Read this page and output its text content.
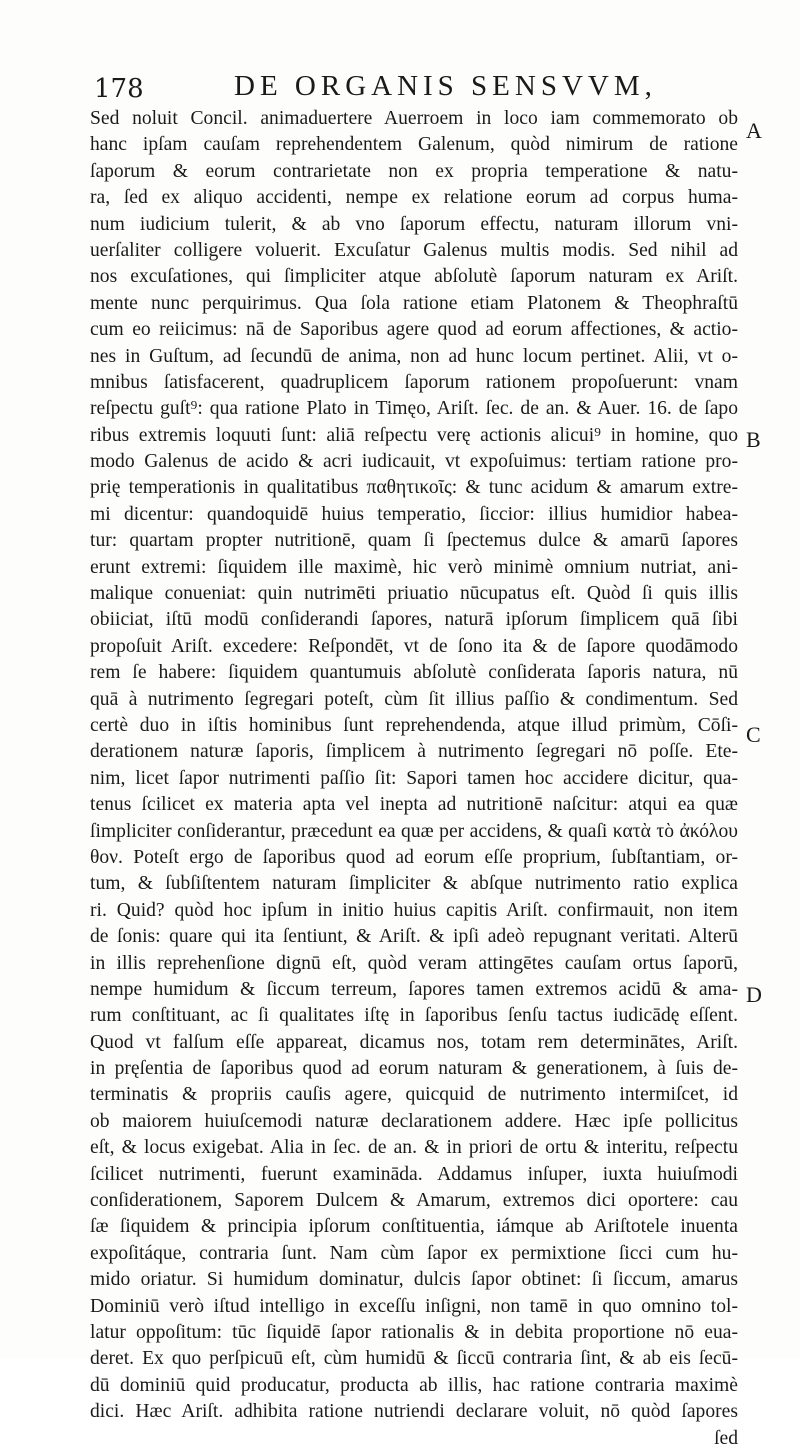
178	DE ORGANIS SENSVVM,
Sed noluit Concil. animaduertere Auerroem in loco iam commemorato ob
hanc ipſam cauſam reprehendentem Galenum, quòd nimirum de ratione
ſaporum & eorum contrarietate non ex propria temperatione & natu-
ra, ſed ex aliquo accidenti, nempe ex relatione eorum ad corpus huma-
num iudicium tulerit, & ab vno ſaporum effectu, naturam illorum vni-
uerſaliter colligere voluerit. Excuſatur Galenus multis modis. Sed nihil ad
nos excuſationes, qui ſimpliciter atque abſolutè ſaporum naturam ex Ariſt.
mente nunc perquirimus. Qua ſola ratione etiam Platonem & Theophraſtū
cum eo reiicimus: nā de Saporibus agere quod ad eorum affectiones, & actio-
nes in Guſtum, ad ſecundū de anima, non ad hunc locum pertinet. Alii, vt o-
mnibus ſatisfacerent, quadruplicem ſaporum rationem propoſuerunt: vnam
reſpectu guſt⁹: qua ratione Plato in Timęo, Ariſt. ſec. de an. & Auer. 16. de ſapo
ribus extremis loquuti ſunt: aliā reſpectu verę actionis alicui⁹ in homine, quo
modo Galenus de acido & acri iudicauit, vt expoſuimus: tertiam ratione pro-
prię temperationis in qualitatibus παθητικοῖς: & tunc acidum & amarum extre-
mi dicentur: quandoquidē huius temperatio, ſiccior: illius humidior habea-
tur: quartam propter nutritionē, quam ſi ſpectemus dulce & amarū ſapores
erunt extremi: ſiquidem ille maximè, hic verò minimè omnium nutriat, ani-
malique conueniat: quin nutrimēti priuatio nūcupatus eſt. Quòd ſi quis illis
obiiciat, iſtū modū conſiderandi ſapores, naturā ipſorum ſimplicem quā ſibi
propoſuit Ariſt. excedere: Reſpondēt, vt de ſono ita & de ſapore quodāmodo
rem ſe habere: ſiquidem quantumuis abſolutè conſiderata ſaporis natura, nū
quā à nutrimento ſegregari poteſt, cùm ſit illius paſſio & condimentum. Sed
certè duo in iſtis hominibus ſunt reprehendenda, atque illud primùm, Cōſi-
derationem naturæ ſaporis, ſimplicem à nutrimento ſegregari nō poſſe. Ete-
nim, licet ſapor nutrimenti paſſio ſit: Sapori tamen hoc accidere dicitur, qua-
tenus ſcilicet ex materia apta vel inepta ad nutritionē naſcitur: atqui ea quæ
ſimpliciter conſiderantur, præcedunt ea quæ per accidens, & quaſi κατὰ τὸ ἀκόλου
θον. Poteſt ergo de ſaporibus quod ad eorum eſſe proprium, ſubſtantiam, or-
tum, & ſubſiſtentem naturam ſimpliciter & abſque nutrimento ratio explica
ri. Quid? quòd hoc ipſum in initio huius capitis Ariſt. confirmauit, non item
de ſonis: quare qui ita ſentiunt, & Ariſt. & ipſi adeò repugnant veritati. Alterū
in illis reprehenſione dignū eſt, quòd veram attingētes cauſam ortus ſaporū,
nempe humidum & ſiccum terreum, ſapores tamen extremos acidū & ama-
rum conſtituant, ac ſi qualitates iſtę in ſaporibus ſenſu tactus iudicādę eſſent.
Quod vt falſum eſſe appareat, dicamus nos, totam rem determinātes, Ariſt.
in pręſentia de ſaporibus quod ad eorum naturam & generationem, à ſuis de-
terminatis & propriis cauſis agere, quicquid de nutrimento intermiſcet, id
ob maiorem huiuſcemodi naturæ declarationem addere. Hæc ipſe pollicitus
eſt, & locus exigebat. Alia in ſec. de an. & in priori de ortu & interitu, reſpectu
ſcilicet nutrimenti, fuerunt examināda. Addamus inſuper, iuxta huiuſmodi
conſiderationem, Saporem Dulcem & Amarum, extremos dici oportere: cau
ſæ ſiquidem & principia ipſorum conſtituentia, iámque ab Ariſtotele inuenta
expoſitáque, contraria ſunt. Nam cùm ſapor ex permixtione ſicci cum hu-
mido oriatur. Si humidum dominatur, dulcis ſapor obtinet: ſi ſiccum, amarus
Dominiū verò iſtud intelligo in exceſſu inſigni, non tamē in quo omnino tol-
latur oppoſitum: tūc ſiquidē ſapor rationalis & in debita proportione nō eua-
deret. Ex quo perſpicuū eſt, cùm humidū & ſiccū contraria ſint, & ab eis ſecū-
dū dominiū quid producatur, producta ab illis, hac ratione contraria maximè
dici. Hæc Ariſt. adhibita ratione nutriendi declarare voluit, nō quòd ſapores
ſed
A
B
C
D
